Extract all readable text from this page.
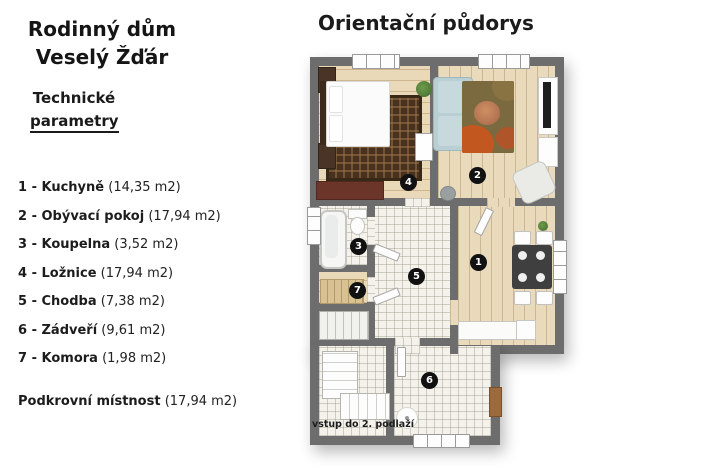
Rodinný dům
Veselý Žďár
Technické
parametry
1 - Kuchyně (14,35 m2)
2 - Obývací pokoj (17,94 m2)
3 - Koupelna (3,52 m2)
4 - Ložnice (17,94 m2)
5 - Chodba (7,38 m2)
6 - Zádveří (9,61 m2)
7 - Komora (1,98 m2)
Podkrovní místnost (17,94 m2)
Orientační půdorys
vstup do 2. podlaží
1
2
3
4
5
6
7
